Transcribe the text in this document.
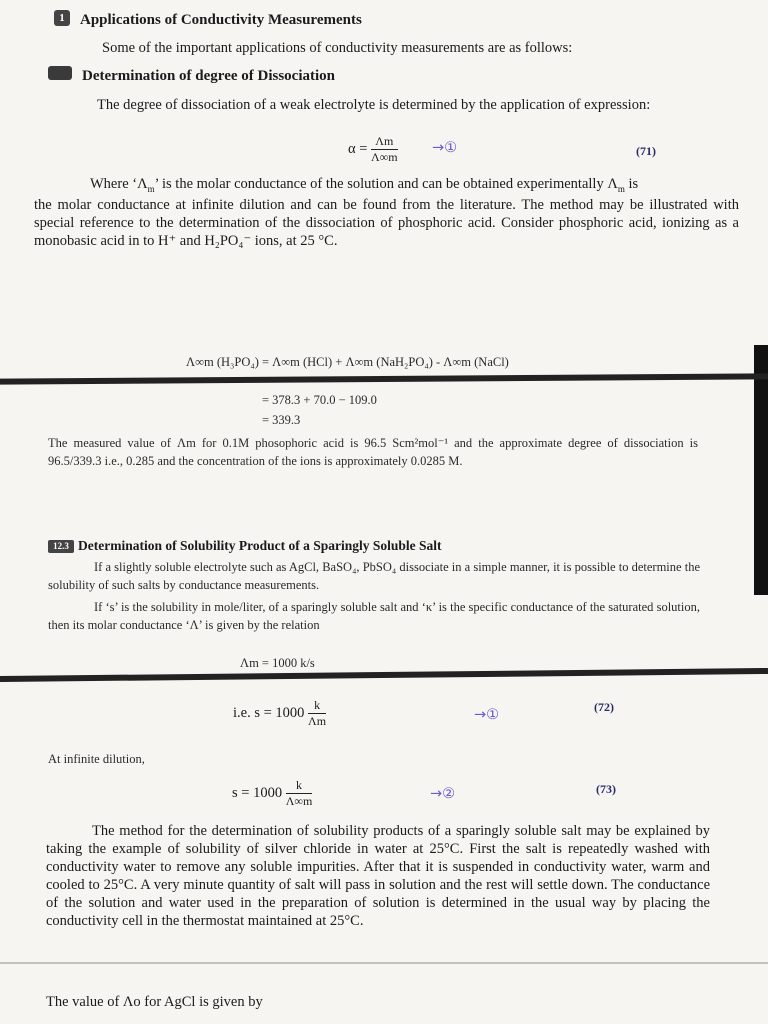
1	Applications of Conductivity Measurements
Some of the important applications of conductivity measurements are as follows:
Determination of degree of Dissociation
The degree of dissociation of a weak electrolyte is determined by the application of expression:
$\alpha = \frac{\Lambda m}{\Lambda\infty m}$ →①	(71)
Where ‘$\Lambda_m$’ is the molar conductance of the solution and can be obtained experimentally $\Lambda_m$ is
the molar conductance at infinite dilution and can be found from the literature. The method may be illustrated with special reference to the determination of the dissociation of phosphoric acid. Consider phosphoric acid, ionizing as a monobasic acid in to H⁺ and H₂PO₄⁻ ions, at 25 °C.
Λ∞m (H₃PO₄) = Λ∞m (HCl) + Λ∞m (NaH₂PO₄) - Λ∞m (NaCl)
= 378.3 + 70.0 − 109.0
= 339.3
The measured value of Λm for 0.1M phosophoric acid is 96.5 Scm²mol⁻¹ and the approximate degree of dissociation is 96.5/339.3 i.e., 0.285 and the concentration of the ions is approximately 0.0285 M.
12.3 Determination of Solubility Product of a Sparingly Soluble Salt
If a slightly soluble electrolyte such as AgCl, BaSO₄, PbSO₄ dissociate in a simple manner, it is possible to determine the solubility of such salts by conductance measurements.
If ‘s’ is the solubility in mole/liter, of a sparingly soluble salt and ‘κ’ is the specific conductance of the saturated solution, then its molar conductance ‘Λ’ is given by the relation
Λm = 1000 k/s
i.e. $s = 1000 \frac{k}{\Lambda m}$	→①	(72)
At infinite dilution,
$s = 1000 \frac{k}{\Lambda\infty m}$	→②	(73)
The method for the determination of solubility products of a sparingly soluble salt may be explained by taking the example of solubility of silver chloride in water at 25°C. First the salt is repeatedly washed with conductivity water to remove any soluble impurities. After that it is suspended in conductivity water, warm and cooled to 25°C. A very minute quantity of salt will pass in solution and the rest will settle down. The conductance of the solution and water used in the preparation of solution is determined in the usual way by placing the conductivity cell in the thermostat maintained at 25°C.
The value of Λo for AgCl is given by
